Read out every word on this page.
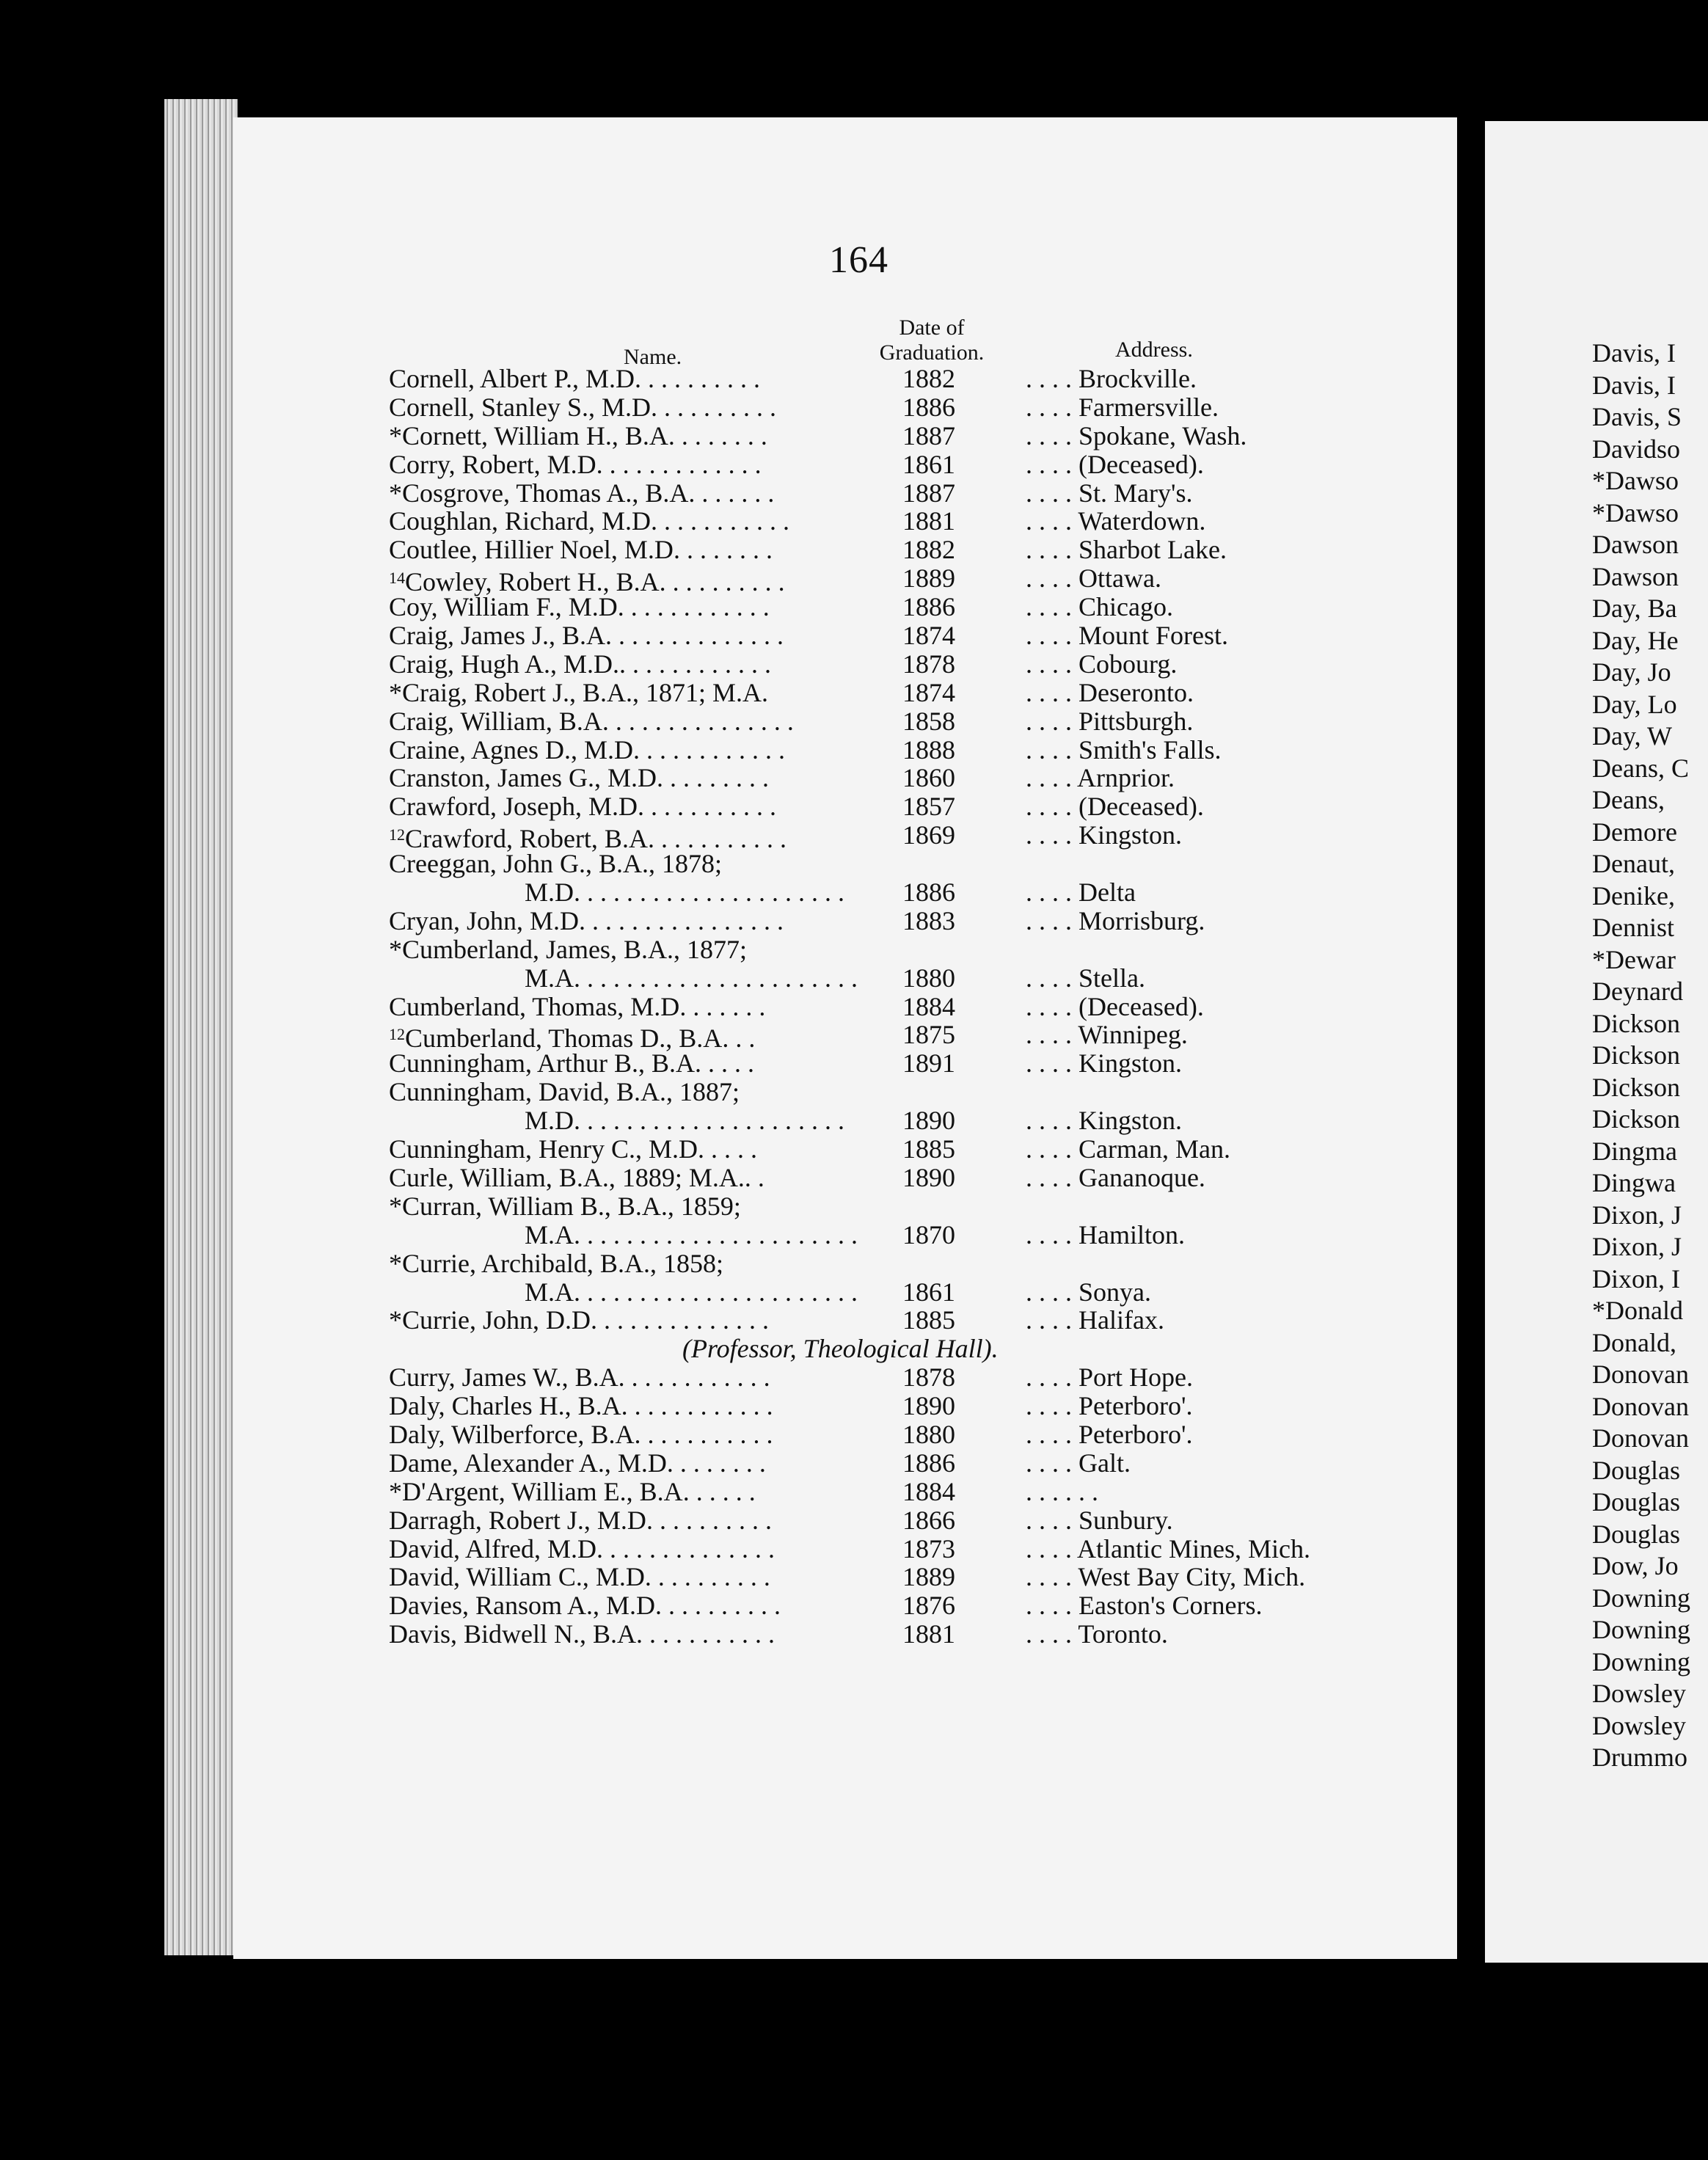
164
Name.
Date of
Graduation.	Address.
Cornell, Albert P., M.D. . . . . . . . . .	1882	. . . . Brockville.
Cornell, Stanley S., M.D. . . . . . . . . .	1886	. . . . Farmersville.
*Cornett, William H., B.A. . . . . . . .	1887	. . . . Spokane, Wash.
Corry, Robert, M.D. . . . . . . . . . . . .	1861	. . . . (Deceased).
*Cosgrove, Thomas A., B.A. . . . . . .	1887	. . . . St. Mary's.
Coughlan, Richard, M.D. . . . . . . . . . .	1881	. . . . Waterdown.
Coutlee, Hillier Noel, M.D. . . . . . . .	1882	. . . . Sharbot Lake.
$^{14}$Cowley, Robert H., B.A. . . . . . . . . .	1889	. . . . Ottawa.
Coy, William F., M.D. . . . . . . . . . . .	1886	. . . . Chicago.
Craig, James J., B.A. . . . . . . . . . . . . .	1874	. . . . Mount Forest.
Craig, Hugh A., M.D.. . . . . . . . . . . .	1878	. . . . Cobourg.
*Craig, Robert J., B.A., 1871; M.A.	1874	. . . . Deseronto.
Craig, William, B.A. . . . . . . . . . . . . . .	1858	. . . . Pittsburgh.
Craine, Agnes D., M.D. . . . . . . . . . . .	1888	. . . . Smith's Falls.
Cranston, James G., M.D. . . . . . . . .	1860	. . . . Arnprior.
Crawford, Joseph, M.D. . . . . . . . . . .	1857	. . . . (Deceased).
$^{12}$Crawford, Robert, B.A. . . . . . . . . . .	1869	. . . . Kingston.
Creeggan, John G., B.A., 1878;
M.D. . . . . . . . . . . . . . . . . . . . . 1886	. . . . Delta
Cryan, John, M.D. . . . . . . . . . . . . . . .	1883	. . . . Morrisburg.
*Cumberland, James, B.A., 1877;
M.A. . . . . . . . . . . . . . . . . . . . . . 1880	. . . . Stella.
Cumberland, Thomas, M.D. . . . . . .	1884	. . . . (Deceased).
$^{12}$Cumberland, Thomas D., B.A. . .	1875	. . . . Winnipeg.
Cunningham, Arthur B., B.A. . . . .	1891	. . . . Kingston.
Cunningham, David, B.A., 1887;
M.D. . . . . . . . . . . . . . . . . . . . . 1890	. . . . Kingston.
Cunningham, Henry C., M.D. . . . .	1885	. . . . Carman, Man.
Curle, William, B.A., 1889; M.A.. .	1890	. . . . Gananoque.
*Curran, William B., B.A., 1859;
M.A. . . . . . . . . . . . . . . . . . . . . . 1870	. . . . Hamilton.
*Currie, Archibald, B.A., 1858;
M.A. . . . . . . . . . . . . . . . . . . . . . 1861	. . . . Sonya.
*Currie, John, D.D. . . . . . . . . . . . . .	1885	. . . . Halifax.
(Professor, Theological Hall).
Curry, James W., B.A. . . . . . . . . . . .	1878	. . . . Port Hope.
Daly, Charles H., B.A. . . . . . . . . . . .	1890	. . . . Peterboro'.
Daly, Wilberforce, B.A. . . . . . . . . . .	1880	. . . . Peterboro'.
Dame, Alexander A., M.D. . . . . . . .	1886	. . . . Galt.
*D'Argent, William E., B.A. . . . . .	1884	. . . . . .
Darragh, Robert J., M.D. . . . . . . . . .	1866	. . . . Sunbury.
David, Alfred, M.D. . . . . . . . . . . . . .	1873	. . . . Atlantic Mines, Mich.
David, William C., M.D. . . . . . . . . .	1889	. . . . West Bay City, Mich.
Davies, Ransom A., M.D. . . . . . . . . .	1876	. . . . Easton's Corners.
Davis, Bidwell N., B.A. . . . . . . . . . .	1881	. . . . Toronto.
Davis, I
Davis, I
Davis, S
Davidso
*Dawso
*Dawso
Dawson
Dawson
Day, Ba
Day, He
Day, Jo
Day, Lo
Day, W
Deans, C
Deans,
Demore
Denaut,
Denike,
Dennist
*Dewar
Deynard
Dickson
Dickson
Dickson
Dickson
Dingma
Dingwa
Dixon, J
Dixon, J
Dixon, I
*Donald
Donald,
Donovan
Donovan
Donovan
Douglas
Douglas
Douglas
Dow, Jo
Downing
Downing
Downing
Dowsley
Dowsley
Drummo
